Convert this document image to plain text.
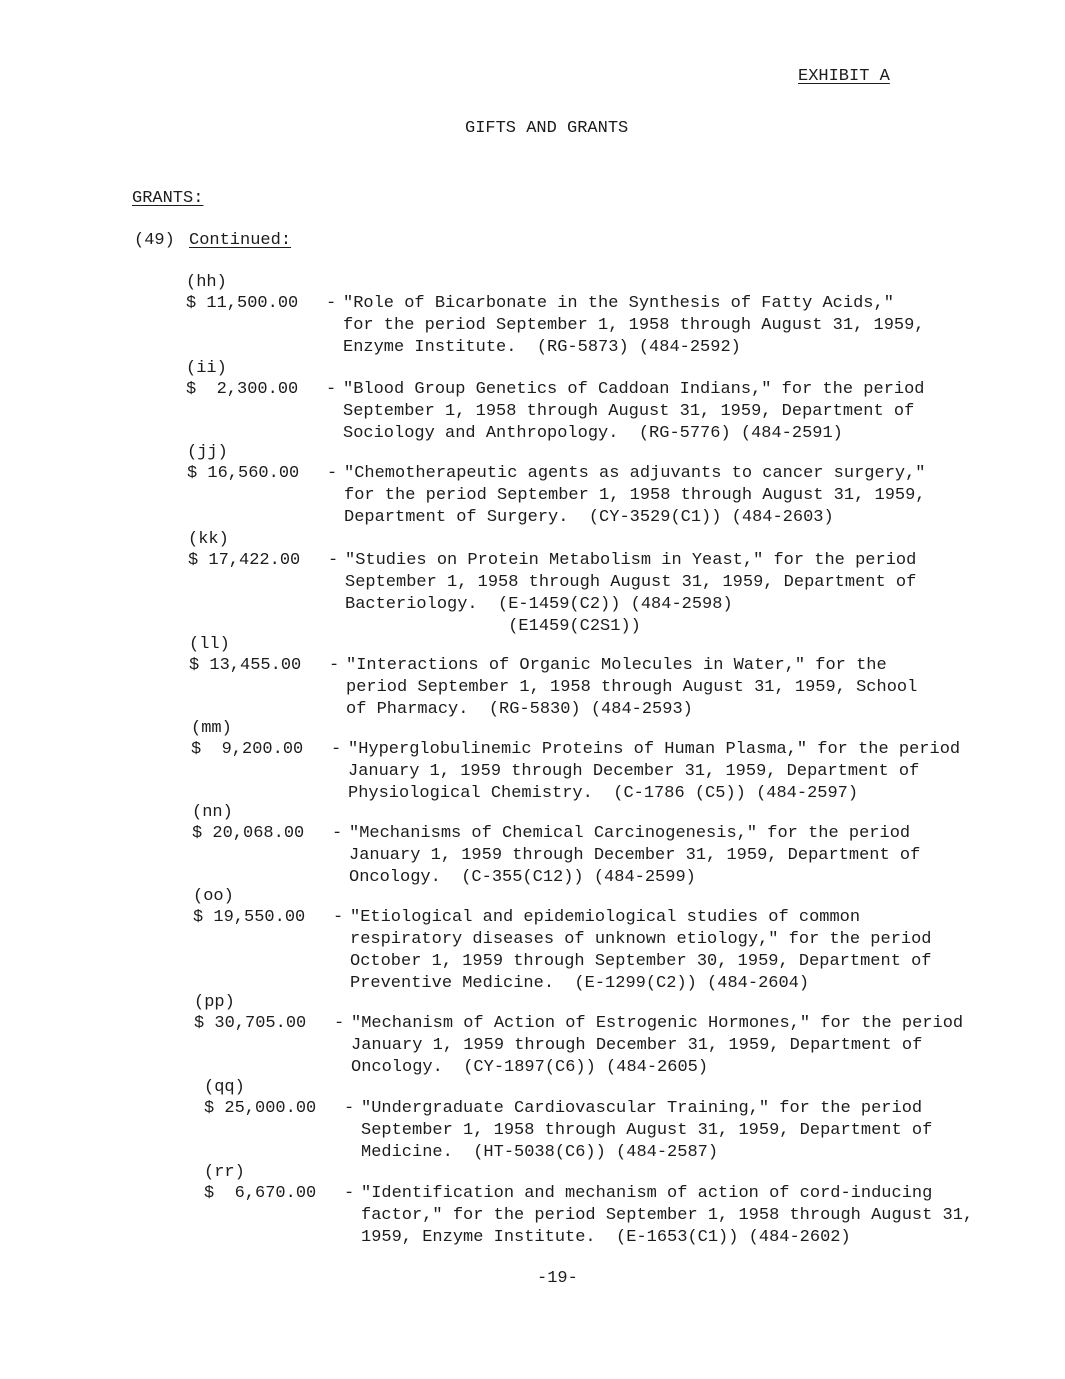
EXHIBIT A
GIFTS AND GRANTS
GRANTS:
(49) Continued:
(hh)
$ 11,500.00 - "Role of Bicarbonate in the Synthesis of Fatty Acids,"
for the period September 1, 1958 through August 31, 1959,
Enzyme Institute.  (RG-5873) (484-2592)
(ii)
$  2,300.00 - "Blood Group Genetics of Caddoan Indians," for the period
September 1, 1958 through August 31, 1959, Department of
Sociology and Anthropology.  (RG-5776) (484-2591)
(jj)
$ 16,560.00 - "Chemotherapeutic agents as adjuvants to cancer surgery,"
for the period September 1, 1958 through August 31, 1959,
Department of Surgery.  (CY-3529(C1)) (484-2603)
(kk)
$ 17,422.00 - "Studies on Protein Metabolism in Yeast," for the period
September 1, 1958 through August 31, 1959, Department of
Bacteriology.  (E-1459(C2)) (484-2598)
(E1459(C2S1))
(ll)
$ 13,455.00 - "Interactions of Organic Molecules in Water," for the
period September 1, 1958 through August 31, 1959, School
of Pharmacy.  (RG-5830) (484-2593)
(mm)
$  9,200.00 - "Hyperglobulinemic Proteins of Human Plasma," for the period
January 1, 1959 through December 31, 1959, Department of
Physiological Chemistry.  (C-1786 (C5)) (484-2597)
(nn)
$ 20,068.00 - "Mechanisms of Chemical Carcinogenesis," for the period
January 1, 1959 through December 31, 1959, Department of
Oncology.  (C-355(C12)) (484-2599)
(oo)
$ 19,550.00 - "Etiological and epidemiological studies of common
respiratory diseases of unknown etiology," for the period
October 1, 1959 through September 30, 1959, Department of
Preventive Medicine.  (E-1299(C2)) (484-2604)
(pp)
$ 30,705.00 - "Mechanism of Action of Estrogenic Hormones," for the period
January 1, 1959 through December 31, 1959, Department of
Oncology.  (CY-1897(C6)) (484-2605)
(qq)
$ 25,000.00 - "Undergraduate Cardiovascular Training," for the period
September 1, 1958 through August 31, 1959, Department of
Medicine.  (HT-5038(C6)) (484-2587)
(rr)
$  6,670.00 - "Identification and mechanism of action of cord-inducing
factor," for the period September 1, 1958 through August 31,
1959, Enzyme Institute.  (E-1653(C1)) (484-2602)
-19-
